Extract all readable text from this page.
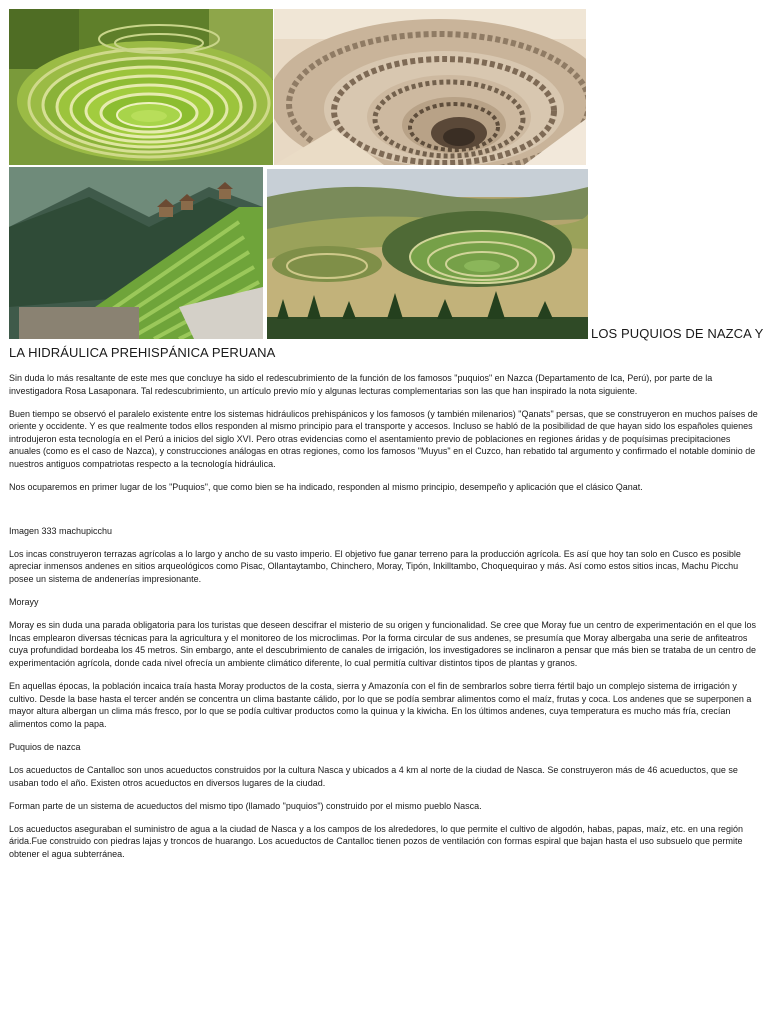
LOS PUQUIOS DE NAZCA Y
LA HIDRÁULICA PREHISPÁNICA PERUANA

Sin duda lo más resaltante de este mes que concluye ha sido el redescubrimiento de la función de los famosos "puquios" en Nazca (Departamento de Ica, Perú), por parte de la investigadora Rosa Lasaponara. Tal redescubrimiento, un artículo previo mío y algunas lecturas complementarias son las que han inspirado la nota siguiente.

Buen tiempo se observó el paralelo existente entre los sistemas hidráulicos prehispánicos y los famosos (y también milenarios) "Qanats" persas, que se construyeron en muchos países de oriente y occidente. Y es que realmente todos ellos responden al mismo principio para el transporte y accesos. Incluso se habló de la posibilidad de que hayan sido los españoles quienes introdujeron esta tecnología en el Perú a inicios del siglo XVI. Pero otras evidencias como el asentamiento previo de poblaciones en regiones áridas y de poquísimas precipitaciones anuales (como es el caso de Nazca), y construcciones análogas en otras regiones, como los famosos "Muyus" en el Cuzco, han rebatido tal argumento y confirmado el notable dominio de nuestros antiguos compatriotas respecto a la tecnología hidráulica.

Nos ocuparemos en primer lugar de los "Puquios", que como bien se ha indicado, responden al mismo principio, desempeño y aplicación que el clásico Qanat.

Imagen 333 machupicchu

Los incas construyeron terrazas agrícolas a lo largo y ancho de su vasto imperio. El objetivo fue ganar terreno para la producción agrícola. Es así que hoy tan solo en Cusco es posible apreciar inmensos andenes en sitios arqueológicos como Pisac, Ollantaytambo, Chinchero, Moray, Tipón, Inkilltambo, Choquequirao y más. Así como estos sitios incas, Machu Picchu posee un sistema de andenerías impresionante.

Morayy

Moray es sin duda una parada obligatoria para los turistas que deseen descifrar el misterio de su origen y funcionalidad. Se cree que Moray fue un centro de experimentación en el que los Incas emplearon diversas técnicas para la agricultura y el monitoreo de los microclimas. Por la forma circular de sus andenes, se presumía que Moray albergaba una serie de anfiteatros cuya profundidad bordeaba los 45 metros. Sin embargo, ante el descubrimiento de canales de irrigación, los investigadores se inclinaron a pensar que más bien se trataba de un centro de experimentación agrícola, donde cada nivel ofrecía un ambiente climático diferente, lo cual permitía cultivar distintos tipos de plantas y granos.

En aquellas épocas, la población incaica traía hasta Moray productos de la costa, sierra y Amazonía con el fin de sembrarlos sobre tierra fértil bajo un complejo sistema de irrigación y cultivo. Desde la base hasta el tercer andén se concentra un clima bastante cálido, por lo que se podía sembrar alimentos como el maíz, frutas y coca. Los andenes que se superponen a mayor altura albergan un clima más fresco, por lo que se podía cultivar productos como la quinua y la kiwicha. En los últimos andenes, cuya temperatura es mucho más fría, crecían alimentos como la papa.

Puquios de nazca

Los acueductos de Cantalloc son unos acueductos construidos por la cultura Nasca y ubicados a 4 km al norte de la ciudad de Nasca. Se construyeron más de 46 acueductos, que se usaban todo el año. Existen otros acueductos en diversos lugares de la ciudad.

Forman parte de un sistema de acueductos del mismo tipo (llamado "puquios") construido por el mismo pueblo Nasca.

Los acueductos aseguraban el suministro de agua a la ciudad de Nasca y a los campos de los alrededores, lo que permite el cultivo de algodón, habas, papas, maíz, etc. en una región árida.Fue construido con piedras lajas y troncos de huarango. Los acueductos de Cantalloc tienen pozos de ventilación con formas espiral que bajan hasta el uso subsuelo que permite obtener el agua subterránea.
